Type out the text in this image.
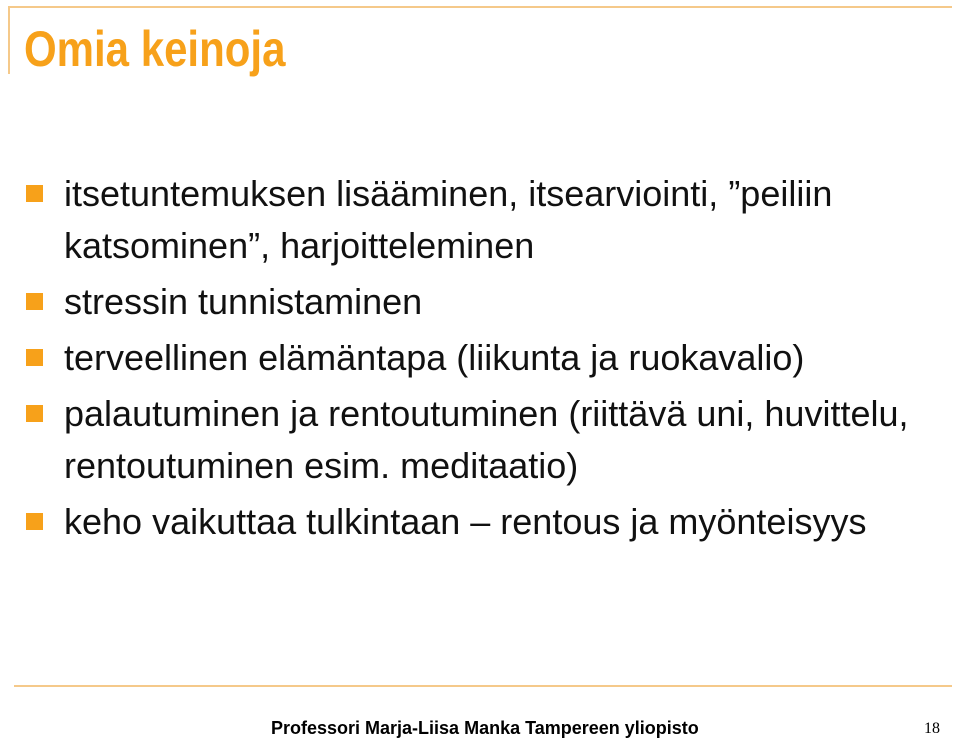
Omia keinoja
itsetuntemuksen lisääminen, itsearviointi, ”peiliin katsominen”, harjoitteleminen
stressin tunnistaminen
terveellinen elämäntapa (liikunta ja ruokavalio)
palautuminen ja rentoutuminen (riittävä uni, huvittelu, rentoutuminen esim. meditaatio)
keho vaikuttaa tulkintaan – rentous ja myönteisyys
Professori Marja-Liisa Manka Tampereen yliopisto	18
